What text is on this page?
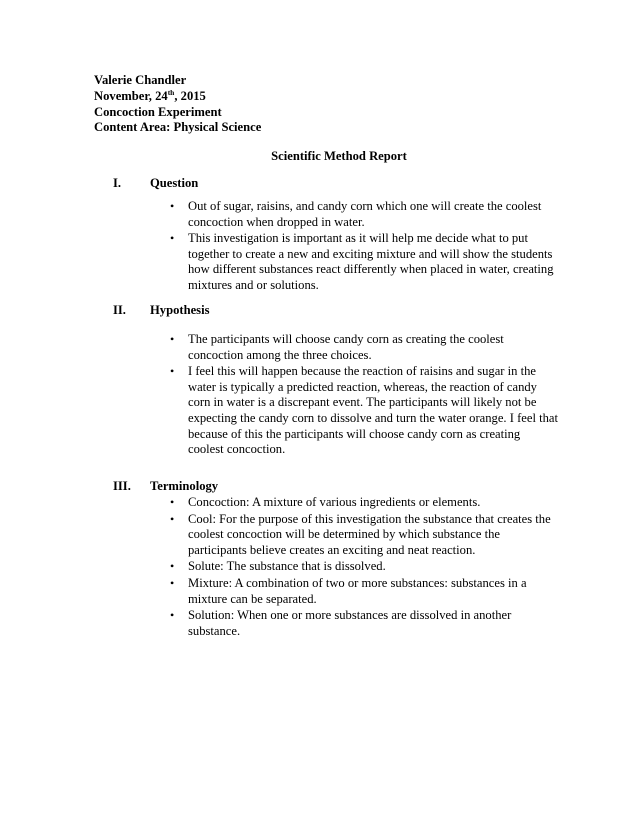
Valerie Chandler
November, 24th, 2015
Concoction Experiment
Content Area: Physical Science
Scientific Method Report
I. Question
• Out of sugar, raisins, and candy corn which one will create the coolest concoction when dropped in water.
• This investigation is important as it will help me decide what to put together to create a new and exciting mixture and will show the students how different substances react differently when placed in water, creating mixtures and or solutions.
II. Hypothesis
• The participants will choose candy corn as creating the coolest concoction among the three choices.
• I feel this will happen because the reaction of raisins and sugar in the water is typically a predicted reaction, whereas, the reaction of candy corn in water is a discrepant event. The participants will likely not be expecting the candy corn to dissolve and turn the water orange. I feel that because of this the participants will choose candy corn as creating coolest concoction.
III. Terminology
• Concoction: A mixture of various ingredients or elements.
• Cool: For the purpose of this investigation the substance that creates the coolest concoction will be determined by which substance the participants believe creates an exciting and neat reaction.
• Solute: The substance that is dissolved.
• Mixture: A combination of two or more substances: substances in a mixture can be separated.
• Solution: When one or more substances are dissolved in another substance.
